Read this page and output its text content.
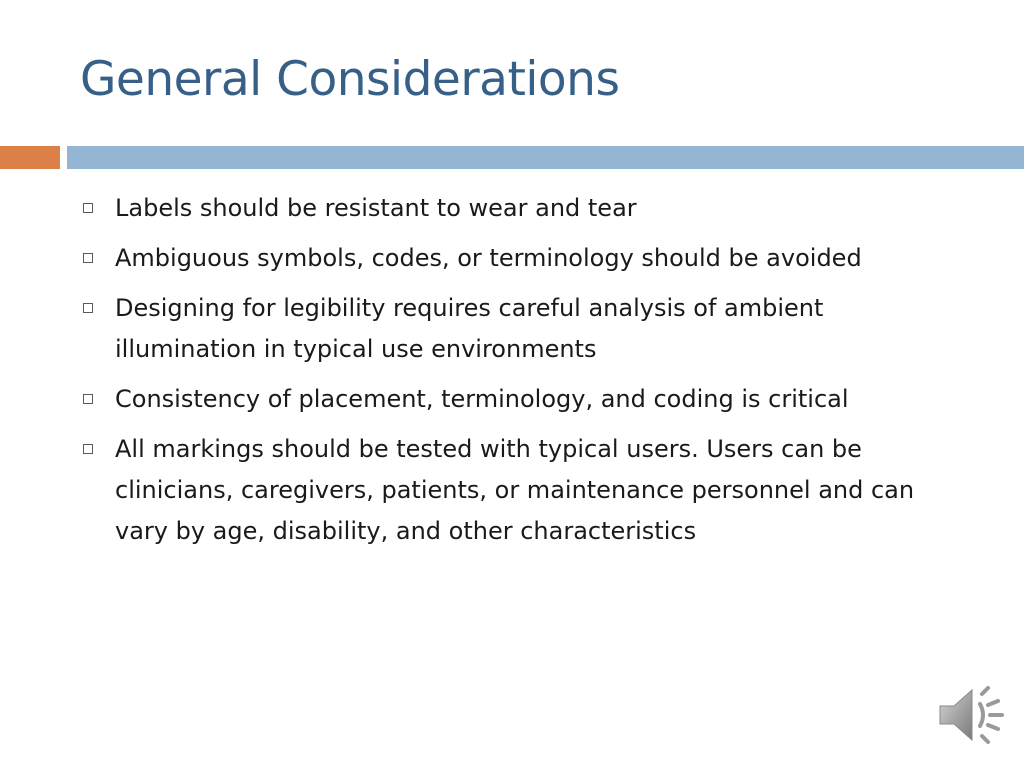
General Considerations
Labels should be resistant to wear and tear
Ambiguous symbols, codes, or terminology should be avoided
Designing for legibility requires careful analysis of ambient illumination in typical use environments
Consistency of placement, terminology, and coding is critical
All markings should be tested with typical users. Users can be clinicians, caregivers, patients, or maintenance personnel and can vary by age, disability, and other characteristics
